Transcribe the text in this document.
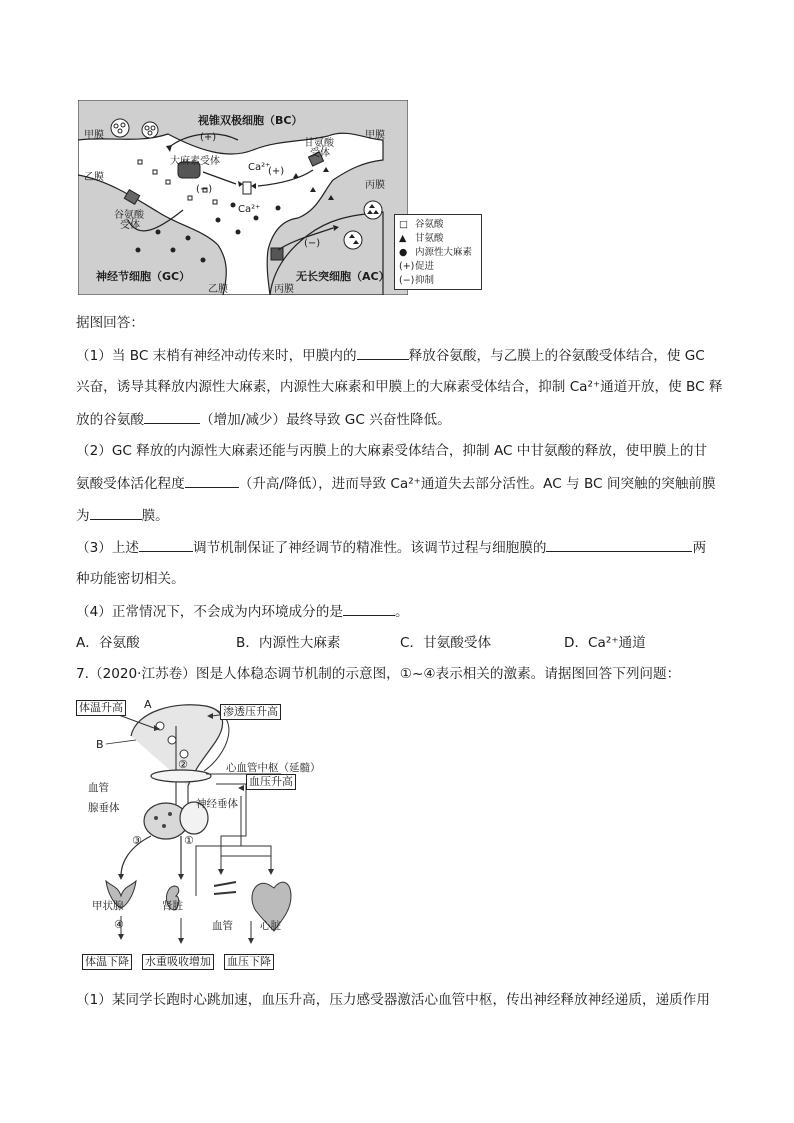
视锥双极细胞（BC）
甲膜	甲膜
乙膜
丙膜
大麻素受体
(+)
(−)
Ca²⁺
Ca²⁺
(+)
甘氨酸
受体
谷氨酸
受体
(−)
神经节细胞（GC）	无长突细胞（AC）
乙膜	丙膜
□ 谷氨酸
▲ 甘氨酸
● 内源性大麻素
(+)促进
(−)抑制
据图回答：
（1）当 BC 末梢有神经冲动传来时，甲膜内的	释放谷氨酸，与乙膜上的谷氨酸受体结合，使 GC
兴奋，诱导其释放内源性大麻素，内源性大麻素和甲膜上的大麻素受体结合，抑制 Ca²⁺通道开放，使 BC 释
放的谷氨酸	（增加/减少）最终导致 GC 兴奋性降低。
（2）GC 释放的内源性大麻素还能与丙膜上的大麻素受体结合，抑制 AC 中甘氨酸的释放，使甲膜上的甘
氨酸受体活化程度	（升高/降低），进而导致 Ca²⁺通道失去部分活性。AC 与 BC 间突触的突触前膜
为	膜。
（3）上述	调节机制保证了神经调节的精准性。该调节过程与细胞膜的	两
种功能密切相关。
（4）正常情况下，不会成为内环境成分的是	。
A．谷氨酸	B．内源性大麻素	C．甘氨酸受体	D．Ca²⁺通道
7.（2020·江苏卷）图是人体稳态调节机制的示意图，①~④表示相关的激素。请据图回答下列问题：
体温升高 A
渗透压升高
B
②	心血管中枢（延髓）
血压升高
血管
腺垂体	神经垂体
③	①
甲状腺	肾脏
血管	心脏
④
体温下降 水重吸收增加 血压下降
（1）某同学长跑时心跳加速，血压升高，压力感受器激活心血管中枢，传出神经释放神经递质，递质作用
